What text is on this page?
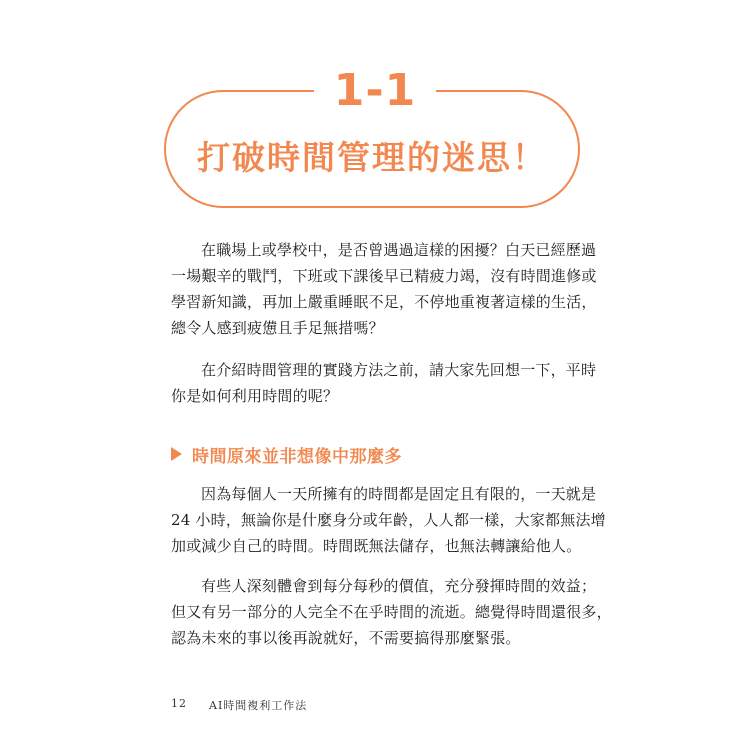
1-1
打破時間管理的迷思！

在職場上或學校中，是否曾遇過這樣的困擾？白天已經歷過
一場艱辛的戰鬥，下班或下課後早已精疲力竭，沒有時間進修或
學習新知識，再加上嚴重睡眠不足，不停地重複著這樣的生活，
總令人感到疲憊且手足無措嗎？

在介紹時間管理的實踐方法之前，請大家先回想一下，平時
你是如何利用時間的呢？

時間原來並非想像中那麼多

因為每個人一天所擁有的時間都是固定且有限的，一天就是
24 小時，無論你是什麼身分或年齡，人人都一樣，大家都無法增
加或減少自己的時間。時間既無法儲存，也無法轉讓給他人。

有些人深刻體會到每分每秒的價值，充分發揮時間的效益；
但又有另一部分的人完全不在乎時間的流逝。總覺得時間還很多，
認為未來的事以後再說就好，不需要搞得那麼緊張。

12 AI時間複利工作法
